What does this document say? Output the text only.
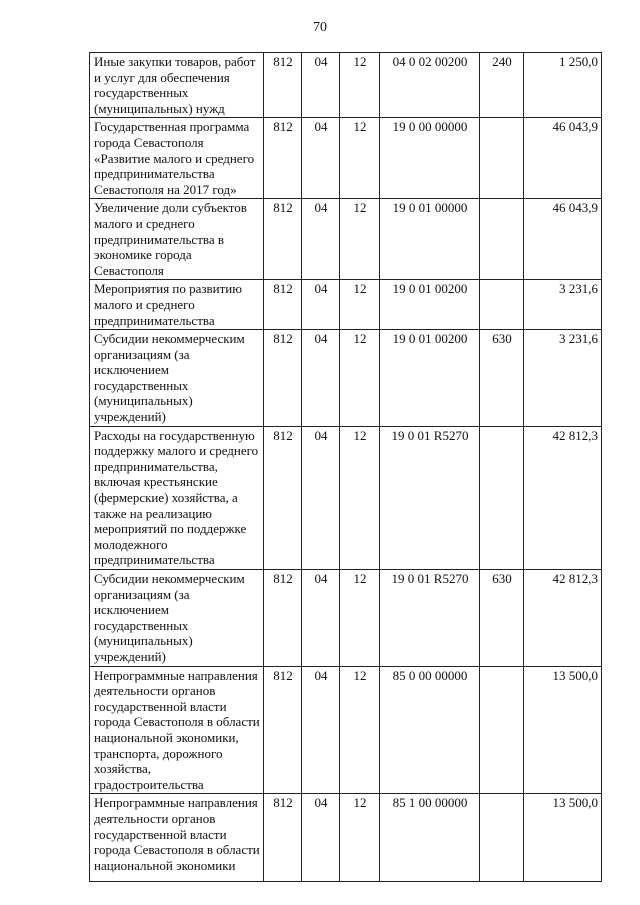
70
Иные закупки товаров, работ и услуг для обеспечения государственных (муниципальных) нужд	812	04	12	04 0 02 00200	240	1 250,0
Государственная программа города Севастополя «Развитие малого и среднего предпринимательства Севастополя на 2017 год»	812	04	12	19 0 00 00000		46 043,9
Увеличение доли субъектов малого и среднего предпринимательства в экономике города Севастополя	812	04	12	19 0 01 00000		46 043,9
Мероприятия по развитию малого и среднего предпринимательства	812	04	12	19 0 01 00200		3 231,6
Субсидии некоммерческим организациям (за исключением государственных (муниципальных) учреждений)	812	04	12	19 0 01 00200	630	3 231,6
Расходы на государственную поддержку малого и среднего предпринимательства, включая крестьянские (фермерские) хозяйства, а также на реализацию мероприятий по поддержке молодежного предпринимательства	812	04	12	19 0 01 R5270		42 812,3
Субсидии некоммерческим организациям (за исключением государственных (муниципальных) учреждений)	812	04	12	19 0 01 R5270	630	42 812,3
Непрограммные направления деятельности органов государственной власти города Севастополя в области национальной экономики, транспорта, дорожного хозяйства, градостроительства	812	04	12	85 0 00 00000		13 500,0
Непрограммные направления деятельности органов государственной власти города Севастополя в области национальной экономики	812	04	12	85 1 00 00000		13 500,0
